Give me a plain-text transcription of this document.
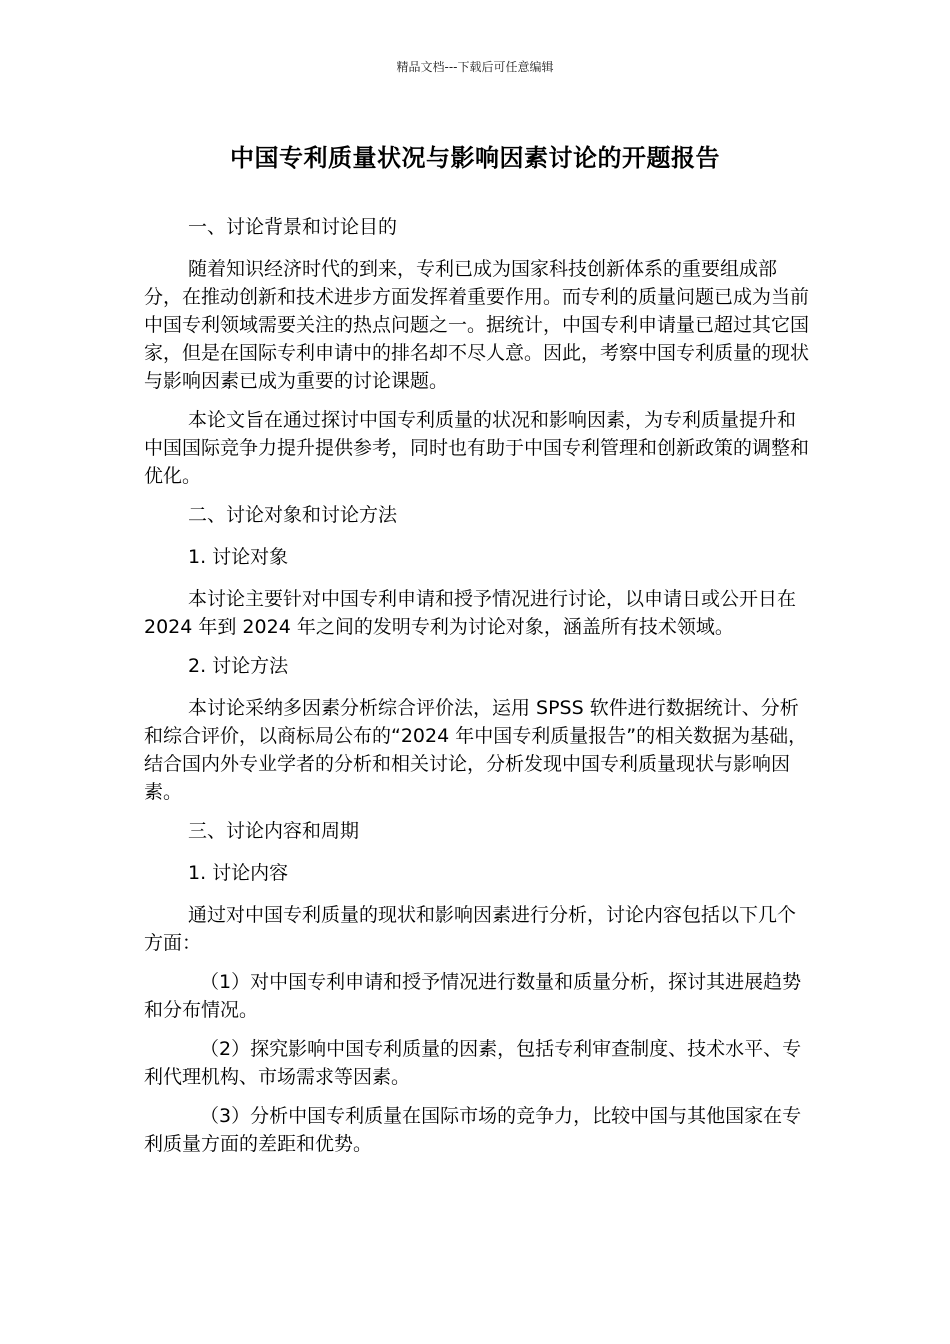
精品文档---下载后可任意编辑
中国专利质量状况与影响因素讨论的开题报告

一、讨论背景和讨论目的

随着知识经济时代的到来，专利已成为国家科技创新体系的重要组成部分，在推动创新和技术进步方面发挥着重要作用。而专利的质量问题已成为当前中国专利领域需要关注的热点问题之一。据统计，中国专利申请量已超过其它国家，但是在国际专利申请中的排名却不尽人意。因此，考察中国专利质量的现状与影响因素已成为重要的讨论课题。

本论文旨在通过探讨中国专利质量的状况和影响因素，为专利质量提升和中国国际竞争力提升提供参考，同时也有助于中国专利管理和创新政策的调整和优化。

二、讨论对象和讨论方法

1. 讨论对象

本讨论主要针对中国专利申请和授予情况进行讨论，以申请日或公开日在 2024 年到 2024 年之间的发明专利为讨论对象，涵盖所有技术领域。

2. 讨论方法

本讨论采纳多因素分析综合评价法，运用 SPSS 软件进行数据统计、分析和综合评价，以商标局公布的“2024 年中国专利质量报告”的相关数据为基础，结合国内外专业学者的分析和相关讨论，分析发现中国专利质量现状与影响因素。

三、讨论内容和周期

1. 讨论内容

通过对中国专利质量的现状和影响因素进行分析，讨论内容包括以下几个方面：

（1）对中国专利申请和授予情况进行数量和质量分析，探讨其进展趋势和分布情况。

（2）探究影响中国专利质量的因素，包括专利审查制度、技术水平、专利代理机构、市场需求等因素。

（3）分析中国专利质量在国际市场的竞争力，比较中国与其他国家在专利质量方面的差距和优势。
